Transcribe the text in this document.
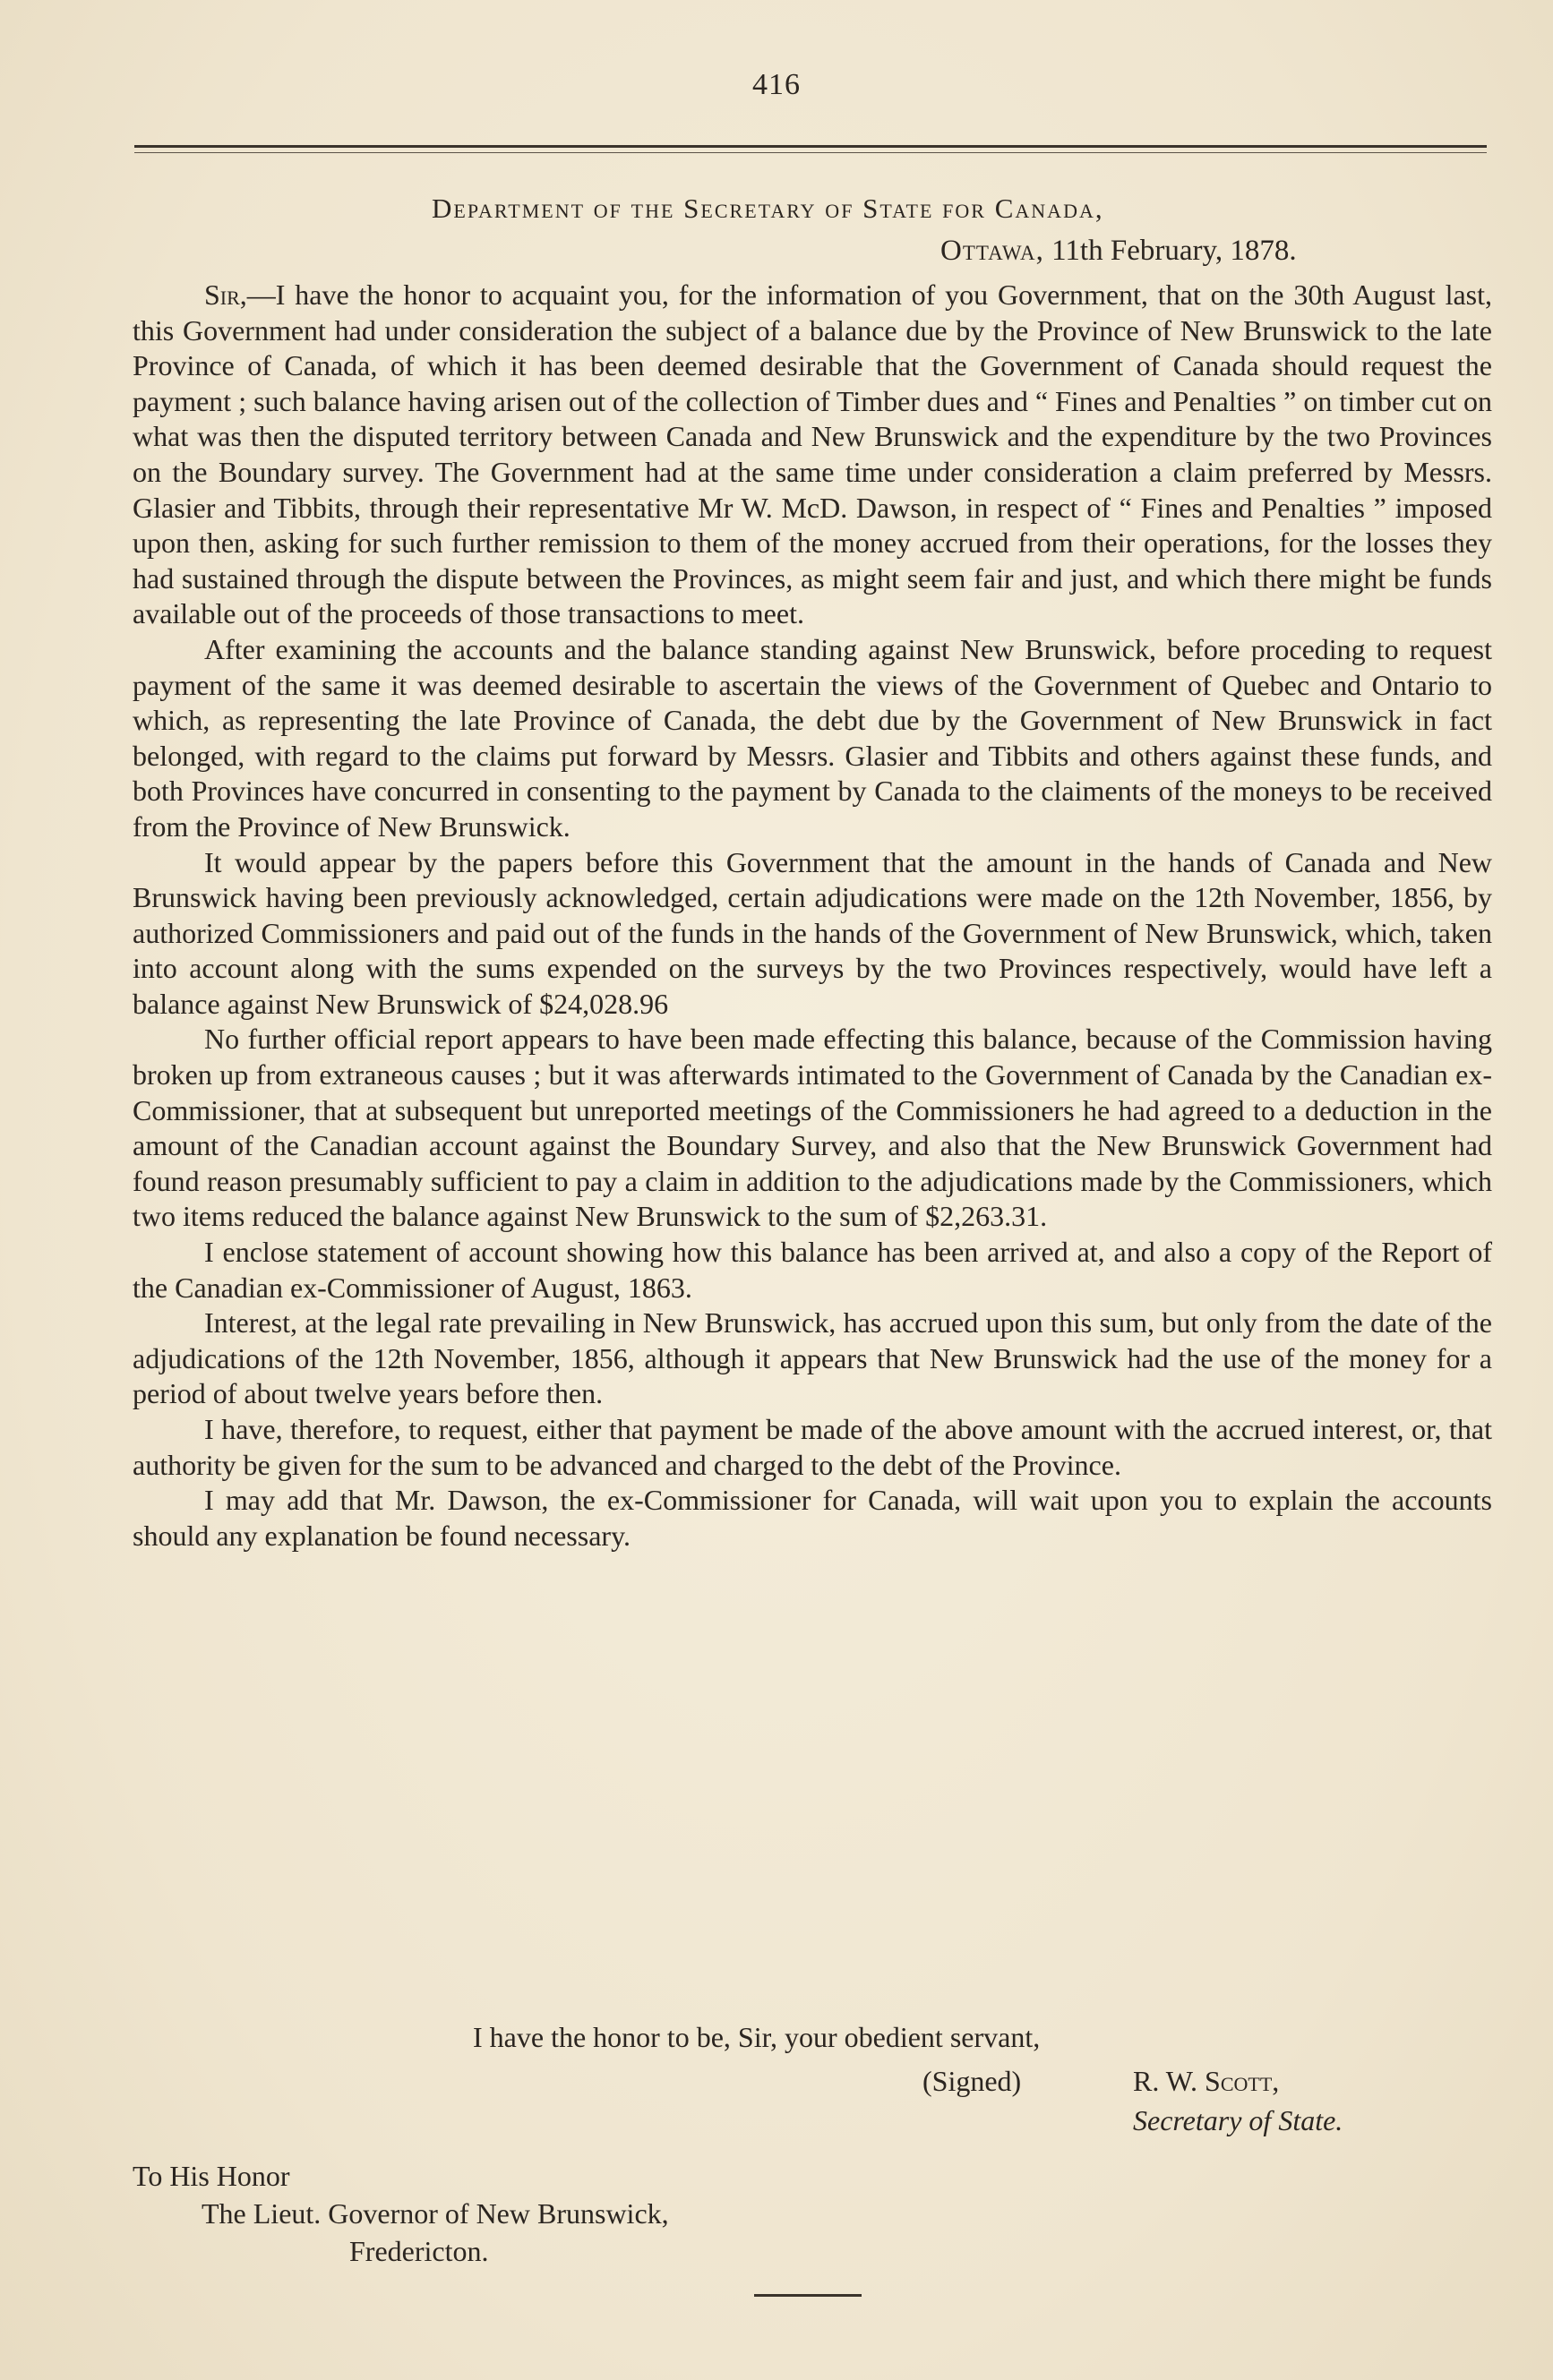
416
Department of the Secretary of State for Canada,
Ottawa, 11th February, 1878.

Sir,—I have the honor to acquaint you, for the information of you Government, that on the 30th August last, this Government had under consideration the subject of a balance due by the Province of New Brunswick to the late Province of Canada, of which it has been deemed desirable that the Government of Canada should request the payment ; such balance having arisen out of the collection of Timber dues and “ Fines and Penalties ” on timber cut on what was then the disputed territory between Canada and New Brunswick and the expenditure by the two Provinces on the Boundary survey. The Government had at the same time under consideration a claim preferred by Messrs. Glasier and Tibbits, through their representative Mr W. McD. Dawson, in respect of “ Fines and Penalties ” imposed upon then, asking for such further remission to them of the money accrued from their operations, for the losses they had sustained through the dispute between the Provinces, as might seem fair and just, and which there might be funds available out of the proceeds of those transactions to meet.

After examining the accounts and the balance standing against New Brunswick, before proceding to request payment of the same it was deemed desirable to ascertain the views of the Government of Quebec and Ontario to which, as representing the late Province of Canada, the debt due by the Government of New Brunswick in fact belonged, with regard to the claims put forward by Messrs. Glasier and Tibbits and others against these funds, and both Provinces have concurred in consenting to the payment by Canada to the claiments of the moneys to be received from the Province of New Brunswick.

It would appear by the papers before this Government that the amount in the hands of Canada and New Brunswick having been previously acknowledged, certain adjudications were made on the 12th November, 1856, by authorized Commissioners and paid out of the funds in the hands of the Government of New Brunswick, which, taken into account along with the sums expended on the surveys by the two Provinces respectively, would have left a balance against New Brunswick of $24,028.96

No further official report appears to have been made effecting this balance, because of the Commission having broken up from extraneous causes ; but it was afterwards intimated to the Government of Canada by the Canadian ex-Commissioner, that at subsequent but unreported meetings of the Commissioners he had agreed to a deduction in the amount of the Canadian account against the Boundary Survey, and also that the New Brunswick Government had found reason presumably sufficient to pay a claim in addition to the adjudications made by the Commissioners, which two items reduced the balance against New Brunswick to the sum of $2,263.31.

I enclose statement of account showing how this balance has been arrived at, and also a copy of the Report of the Canadian ex-Commissioner of August, 1863.

Interest, at the legal rate prevailing in New Brunswick, has accrued upon this sum, but only from the date of the adjudications of the 12th November, 1856, although it appears that New Brunswick had the use of the money for a period of about twelve years before then.

I have, therefore, to request, either that payment be made of the above amount with the accrued interest, or, that authority be given for the sum to be advanced and charged to the debt of the Province.

I may add that Mr. Dawson, the ex-Commissioner for Canada, will wait upon you to explain the accounts should any explanation be found necessary.

I have the honor to be, Sir, your obedient servant,
(Signed)	R. W. Scott,
Secretary of State.
To His Honor
The Lieut. Governor of New Brunswick,
Fredericton.
